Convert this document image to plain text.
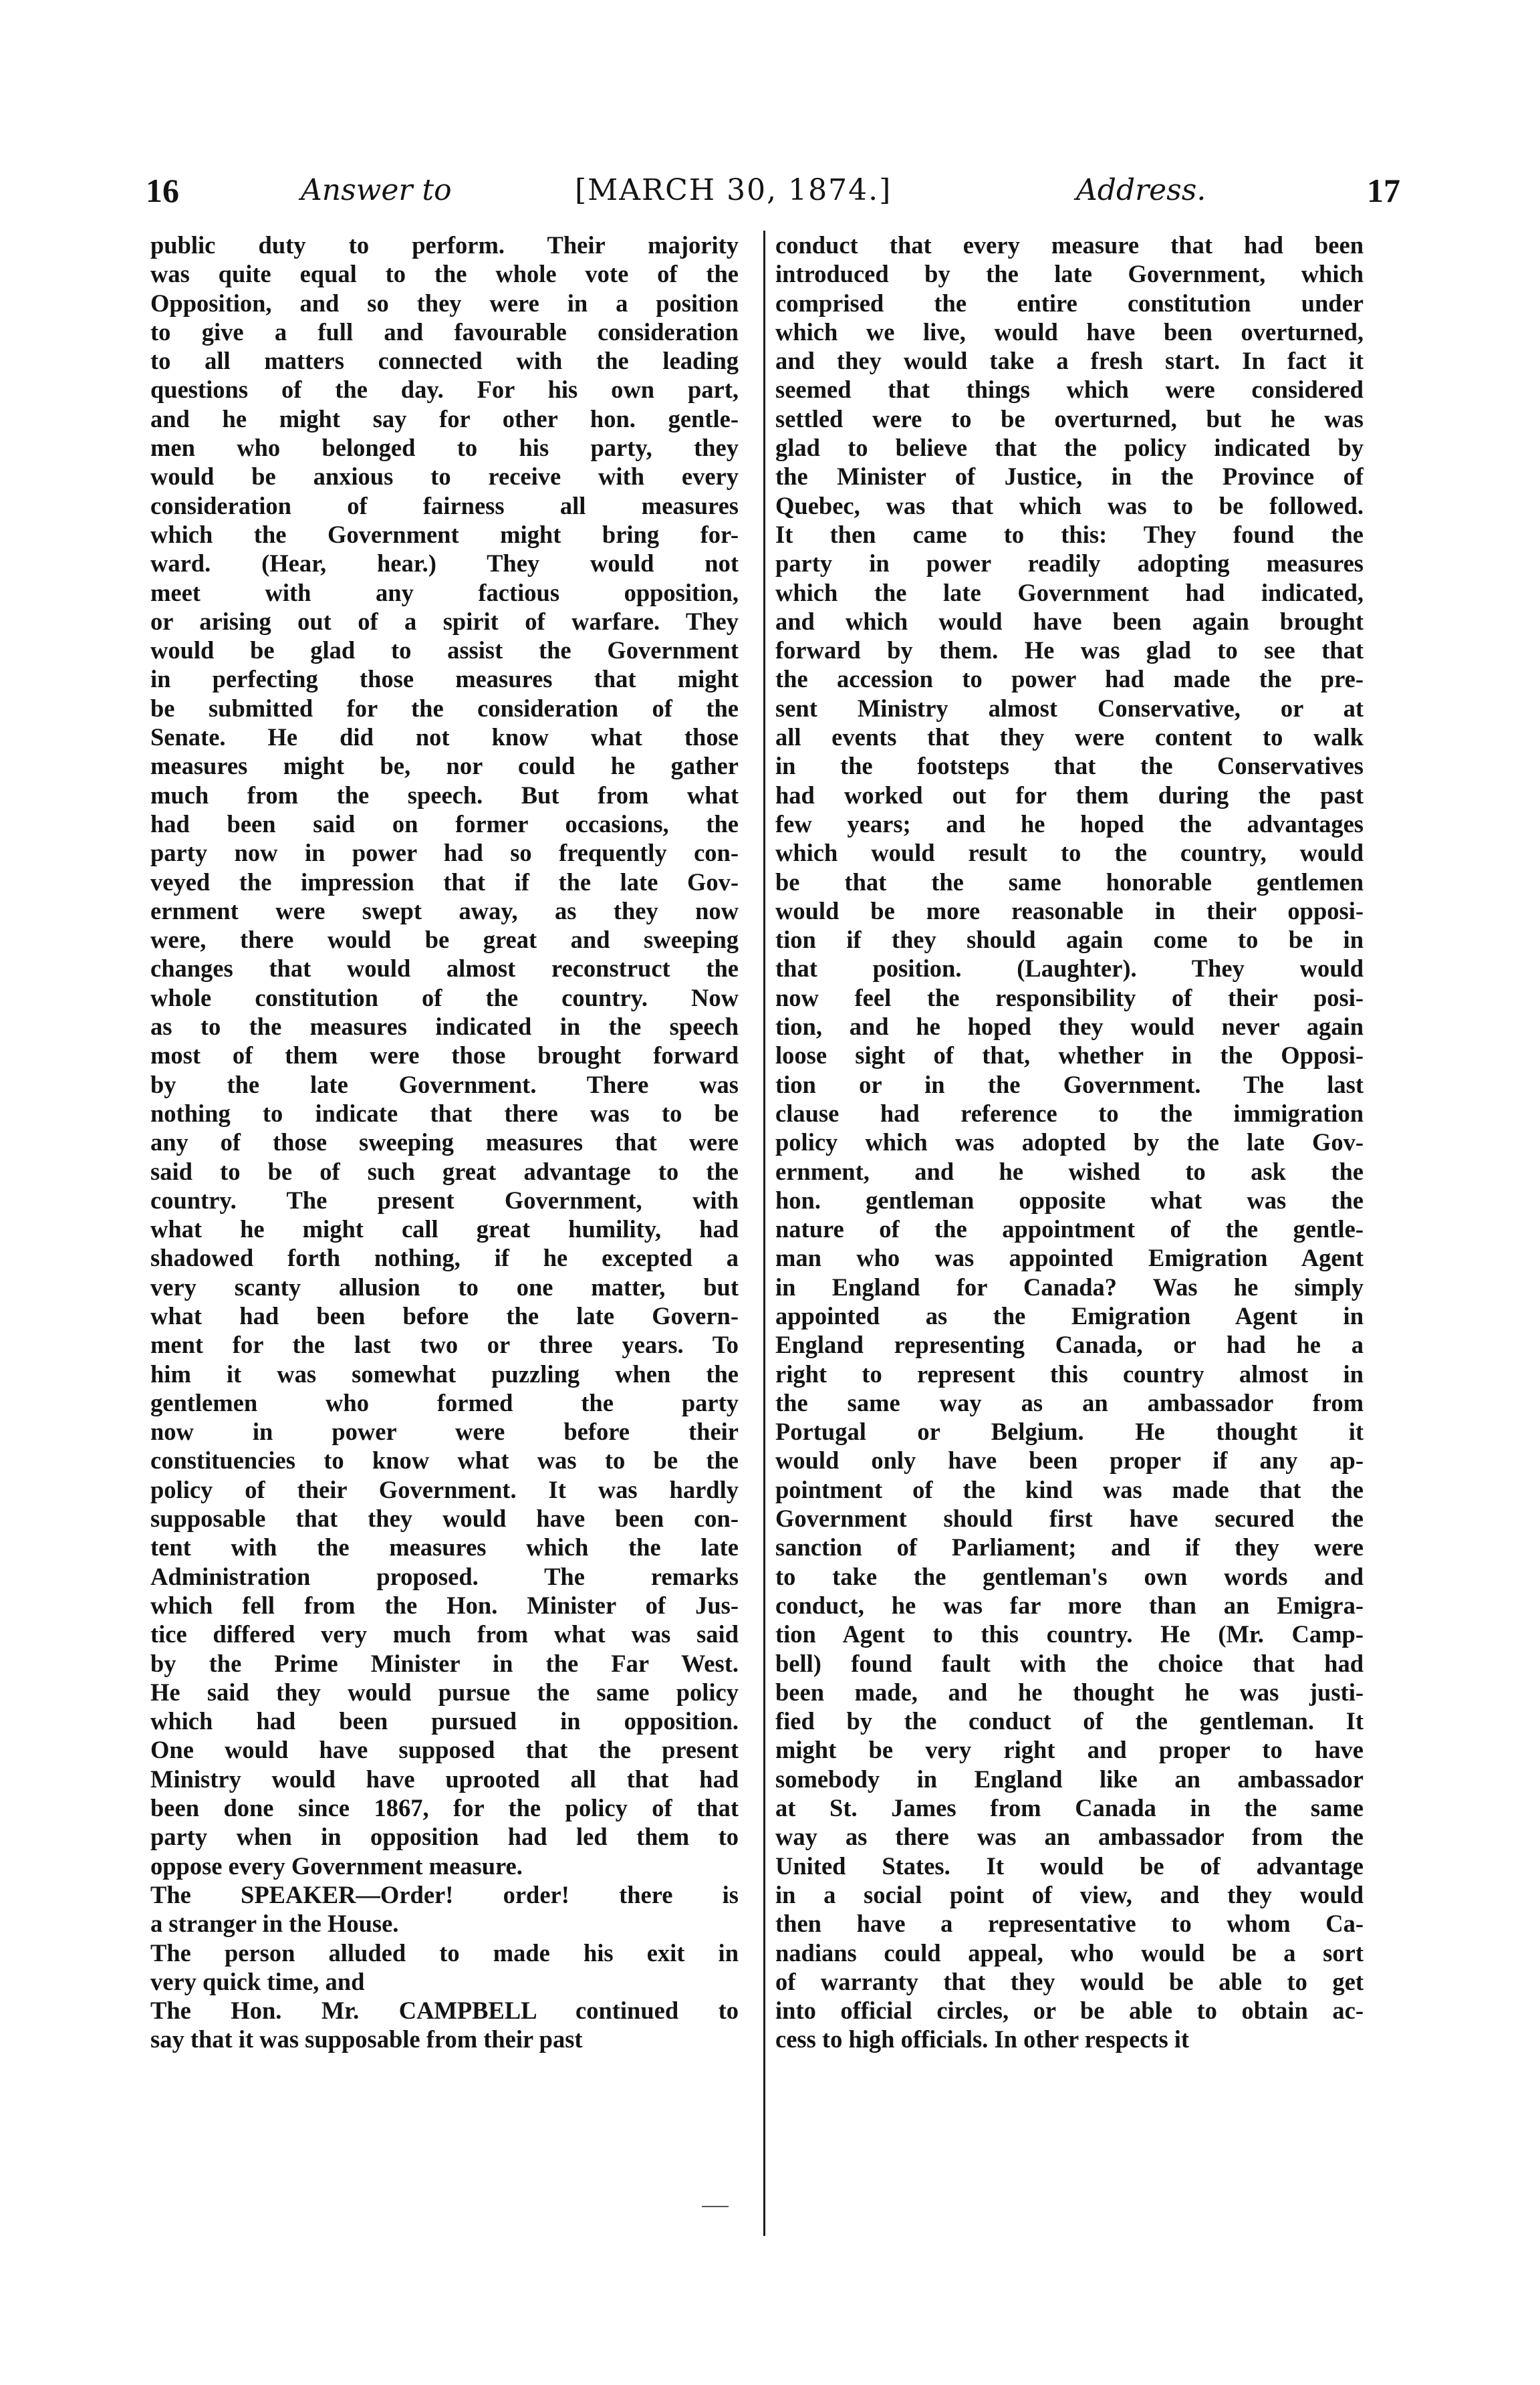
16	Answer to	[MARCH 30, 1874.]	Address.	17
public duty to perform. Their majority
was quite equal to the whole vote of the
Opposition, and so they were in a position
to give a full and favourable consideration
to all matters connected with the leading
questions of the day. For his own part,
and he might say for other hon. gentle-
men who belonged to his party, they
would be anxious to receive with every
consideration of fairness all measures
which the Government might bring for-
ward. (Hear, hear.) They would not
meet with any factious opposition,
or arising out of a spirit of warfare. They
would be glad to assist the Government
in perfecting those measures that might
be submitted for the consideration of the
Senate. He did not know what those
measures might be, nor could he gather
much from the speech. But from what
had been said on former occasions, the
party now in power had so frequently con-
veyed the impression that if the late Gov-
ernment were swept away, as they now
were, there would be great and sweeping
changes that would almost reconstruct the
whole constitution of the country. Now
as to the measures indicated in the speech
most of them were those brought forward
by the late Government. There was
nothing to indicate that there was to be
any of those sweeping measures that were
said to be of such great advantage to the
country. The present Government, with
what he might call great humility, had
shadowed forth nothing, if he excepted a
very scanty allusion to one matter, but
what had been before the late Govern-
ment for the last two or three years. To
him it was somewhat puzzling when the
gentlemen who formed the party
now in power were before their
constituencies to know what was to be the
policy of their Government. It was hardly
supposable that they would have been con-
tent with the measures which the late
Administration proposed. The remarks
which fell from the Hon. Minister of Jus-
tice differed very much from what was said
by the Prime Minister in the Far West.
He said they would pursue the same policy
which had been pursued in opposition.
One would have supposed that the present
Ministry would have uprooted all that had
been done since 1867, for the policy of that
party when in opposition had led them to
oppose every Government measure.
The SPEAKER—Order! order! there is
a stranger in the House.
The person alluded to made his exit in
very quick time, and
The Hon. Mr. CAMPBELL continued to
say that it was supposable from their past
conduct that every measure that had been
introduced by the late Government, which
comprised the entire constitution under
which we live, would have been overturned,
and they would take a fresh start. In fact it
seemed that things which were considered
settled were to be overturned, but he was
glad to believe that the policy indicated by
the Minister of Justice, in the Province of
Quebec, was that which was to be followed.
It then came to this: They found the
party in power readily adopting measures
which the late Government had indicated,
and which would have been again brought
forward by them. He was glad to see that
the accession to power had made the pre-
sent Ministry almost Conservative, or at
all events that they were content to walk
in the footsteps that the Conservatives
had worked out for them during the past
few years; and he hoped the advantages
which would result to the country, would
be that the same honorable gentlemen
would be more reasonable in their opposi-
tion if they should again come to be in
that position. (Laughter). They would
now feel the responsibility of their posi-
tion, and he hoped they would never again
loose sight of that, whether in the Opposi-
tion or in the Government. The last
clause had reference to the immigration
policy which was adopted by the late Gov-
ernment, and he wished to ask the
hon. gentleman opposite what was the
nature of the appointment of the gentle-
man who was appointed Emigration Agent
in England for Canada? Was he simply
appointed as the Emigration Agent in
England representing Canada, or had he a
right to represent this country almost in
the same way as an ambassador from
Portugal or Belgium. He thought it
would only have been proper if any ap-
pointment of the kind was made that the
Government should first have secured the
sanction of Parliament; and if they were
to take the gentleman's own words and
conduct, he was far more than an Emigra-
tion Agent to this country. He (Mr. Camp-
bell) found fault with the choice that had
been made, and he thought he was justi-
fied by the conduct of the gentleman. It
might be very right and proper to have
somebody in England like an ambassador
at St. James from Canada in the same
way as there was an ambassador from the
United States. It would be of advantage
in a social point of view, and they would
then have a representative to whom Ca-
nadians could appeal, who would be a sort
of warranty that they would be able to get
into official circles, or be able to obtain ac-
cess to high officials. In other respects it
